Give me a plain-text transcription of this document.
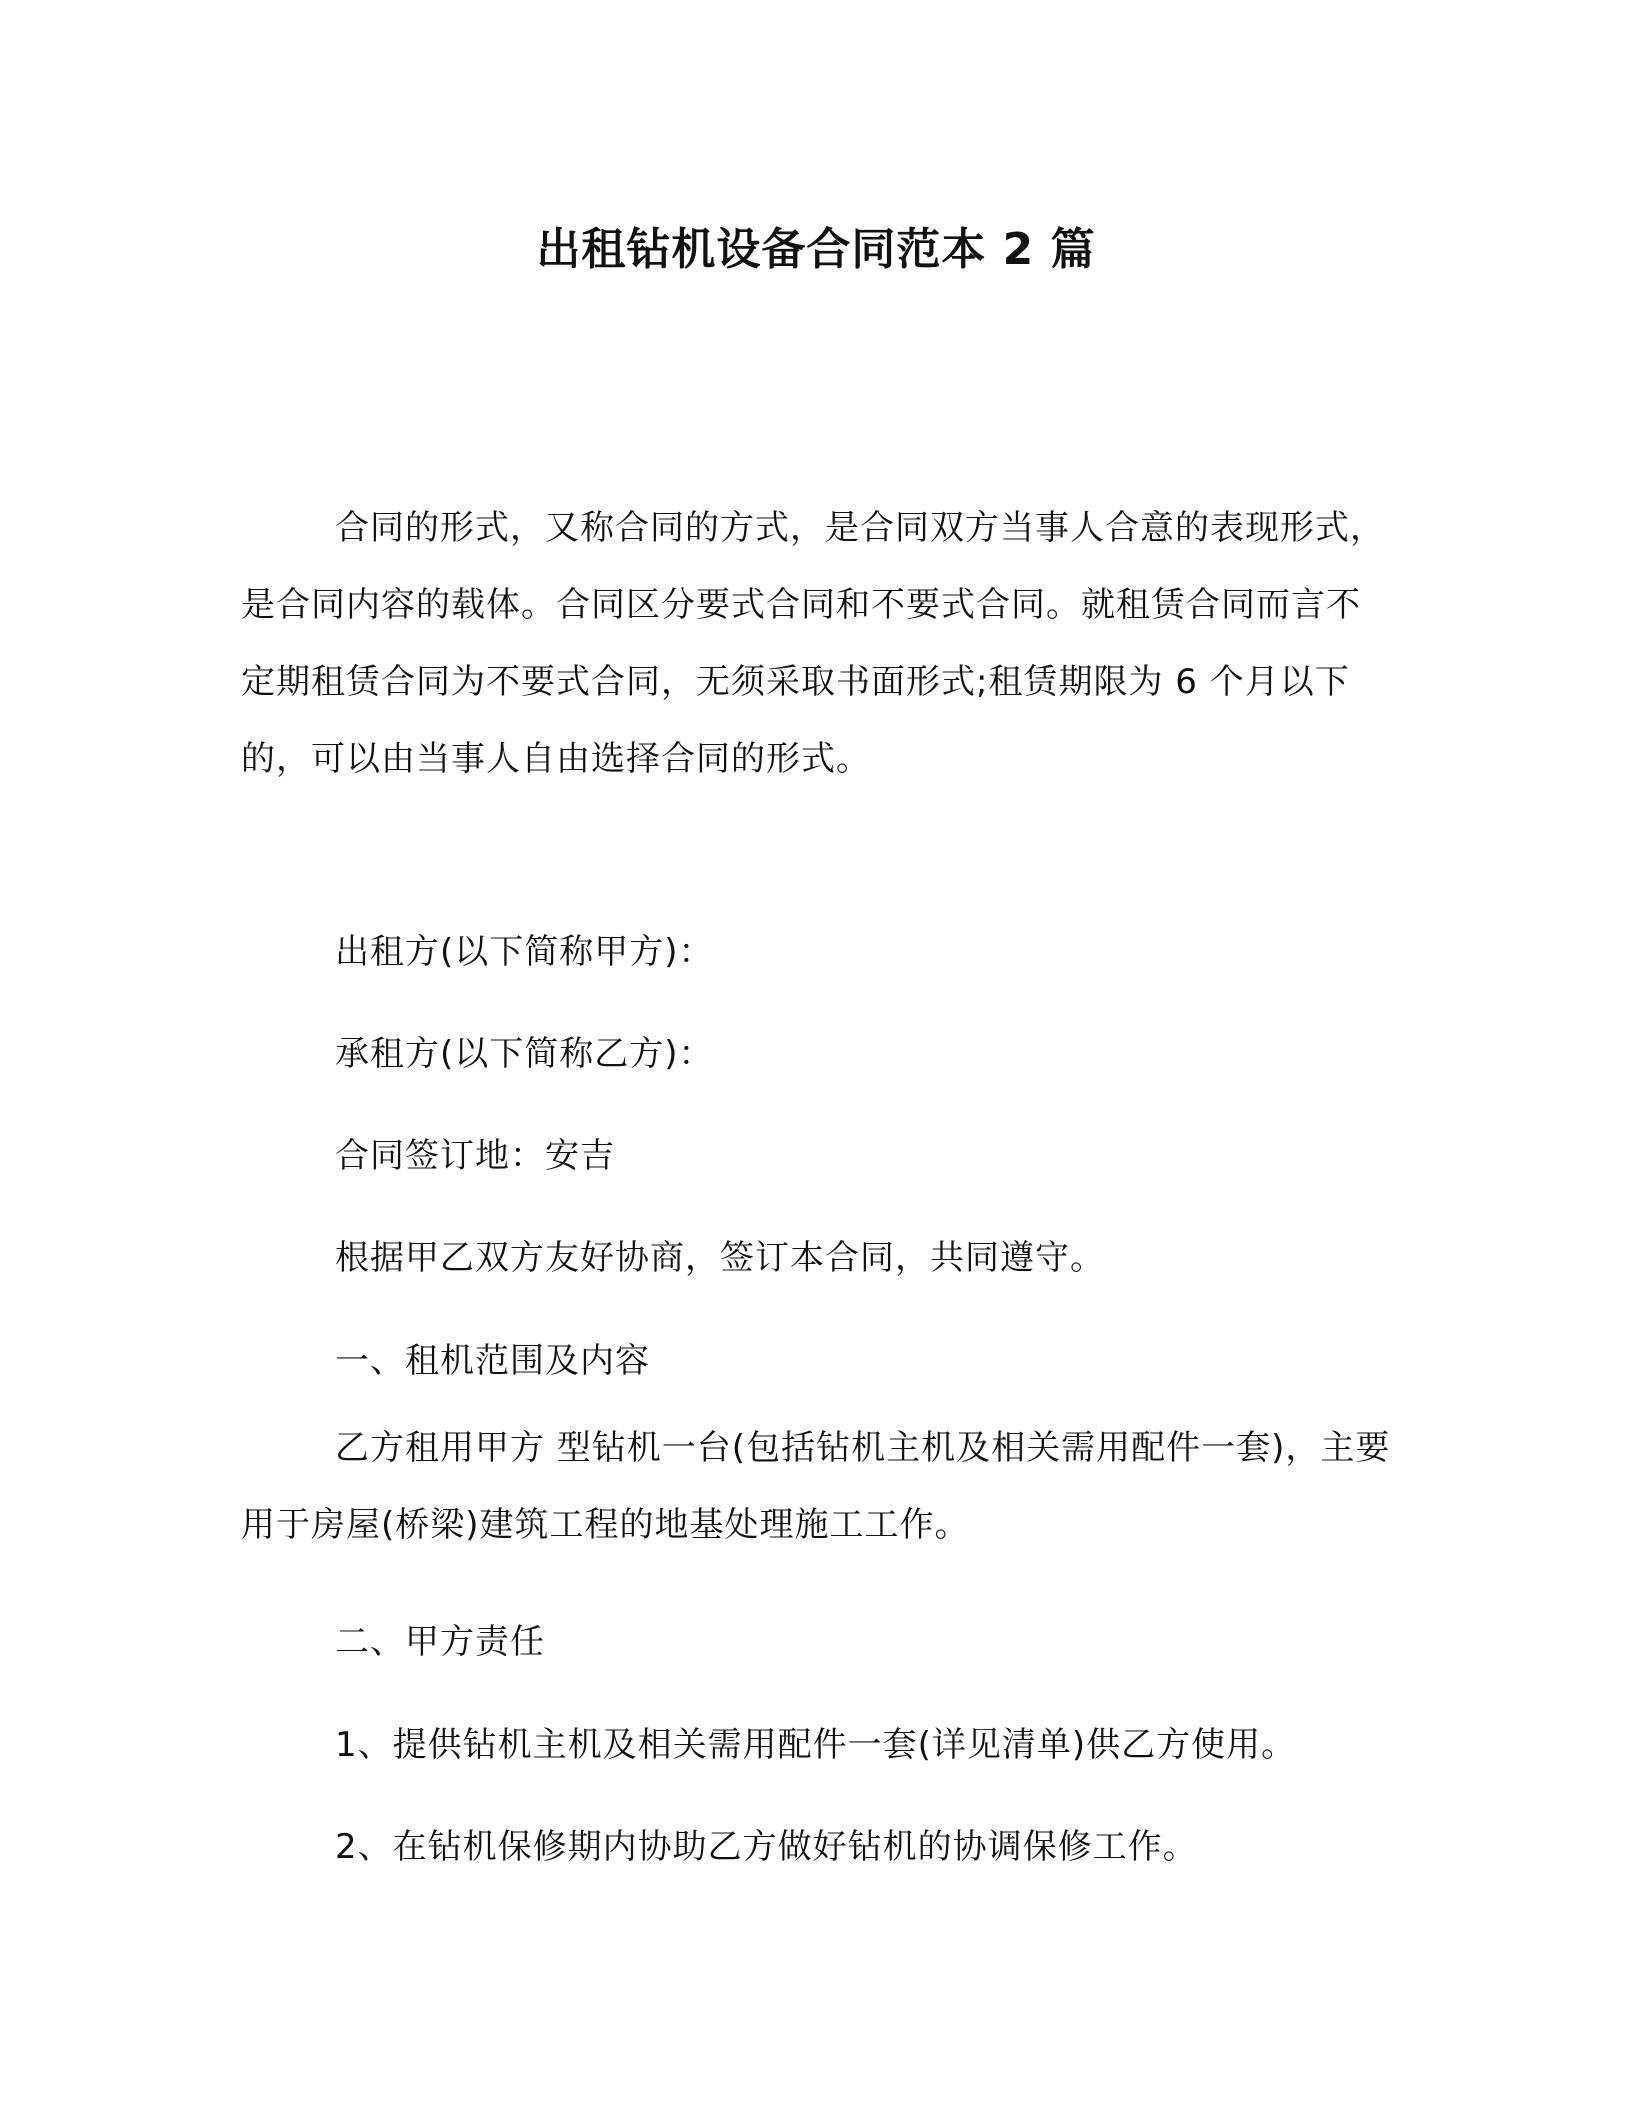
出租钻机设备合同范本 2 篇

合同的形式，又称合同的方式，是合同双方当事人合意的表现形式，是合同内容的载体。合同区分要式合同和不要式合同。就租赁合同而言不定期租赁合同为不要式合同，无须采取书面形式;租赁期限为 6 个月以下的，可以由当事人自由选择合同的形式。

出租方(以下简称甲方)：

承租方(以下简称乙方)：

合同签订地：安吉

根据甲乙双方友好协商，签订本合同，共同遵守。

一、租机范围及内容

乙方租用甲方 型钻机一台(包括钻机主机及相关需用配件一套)，主要用于房屋(桥梁)建筑工程的地基处理施工工作。

二、甲方责任

1、提供钻机主机及相关需用配件一套(详见清单)供乙方使用。

2、在钻机保修期内协助乙方做好钻机的协调保修工作。
